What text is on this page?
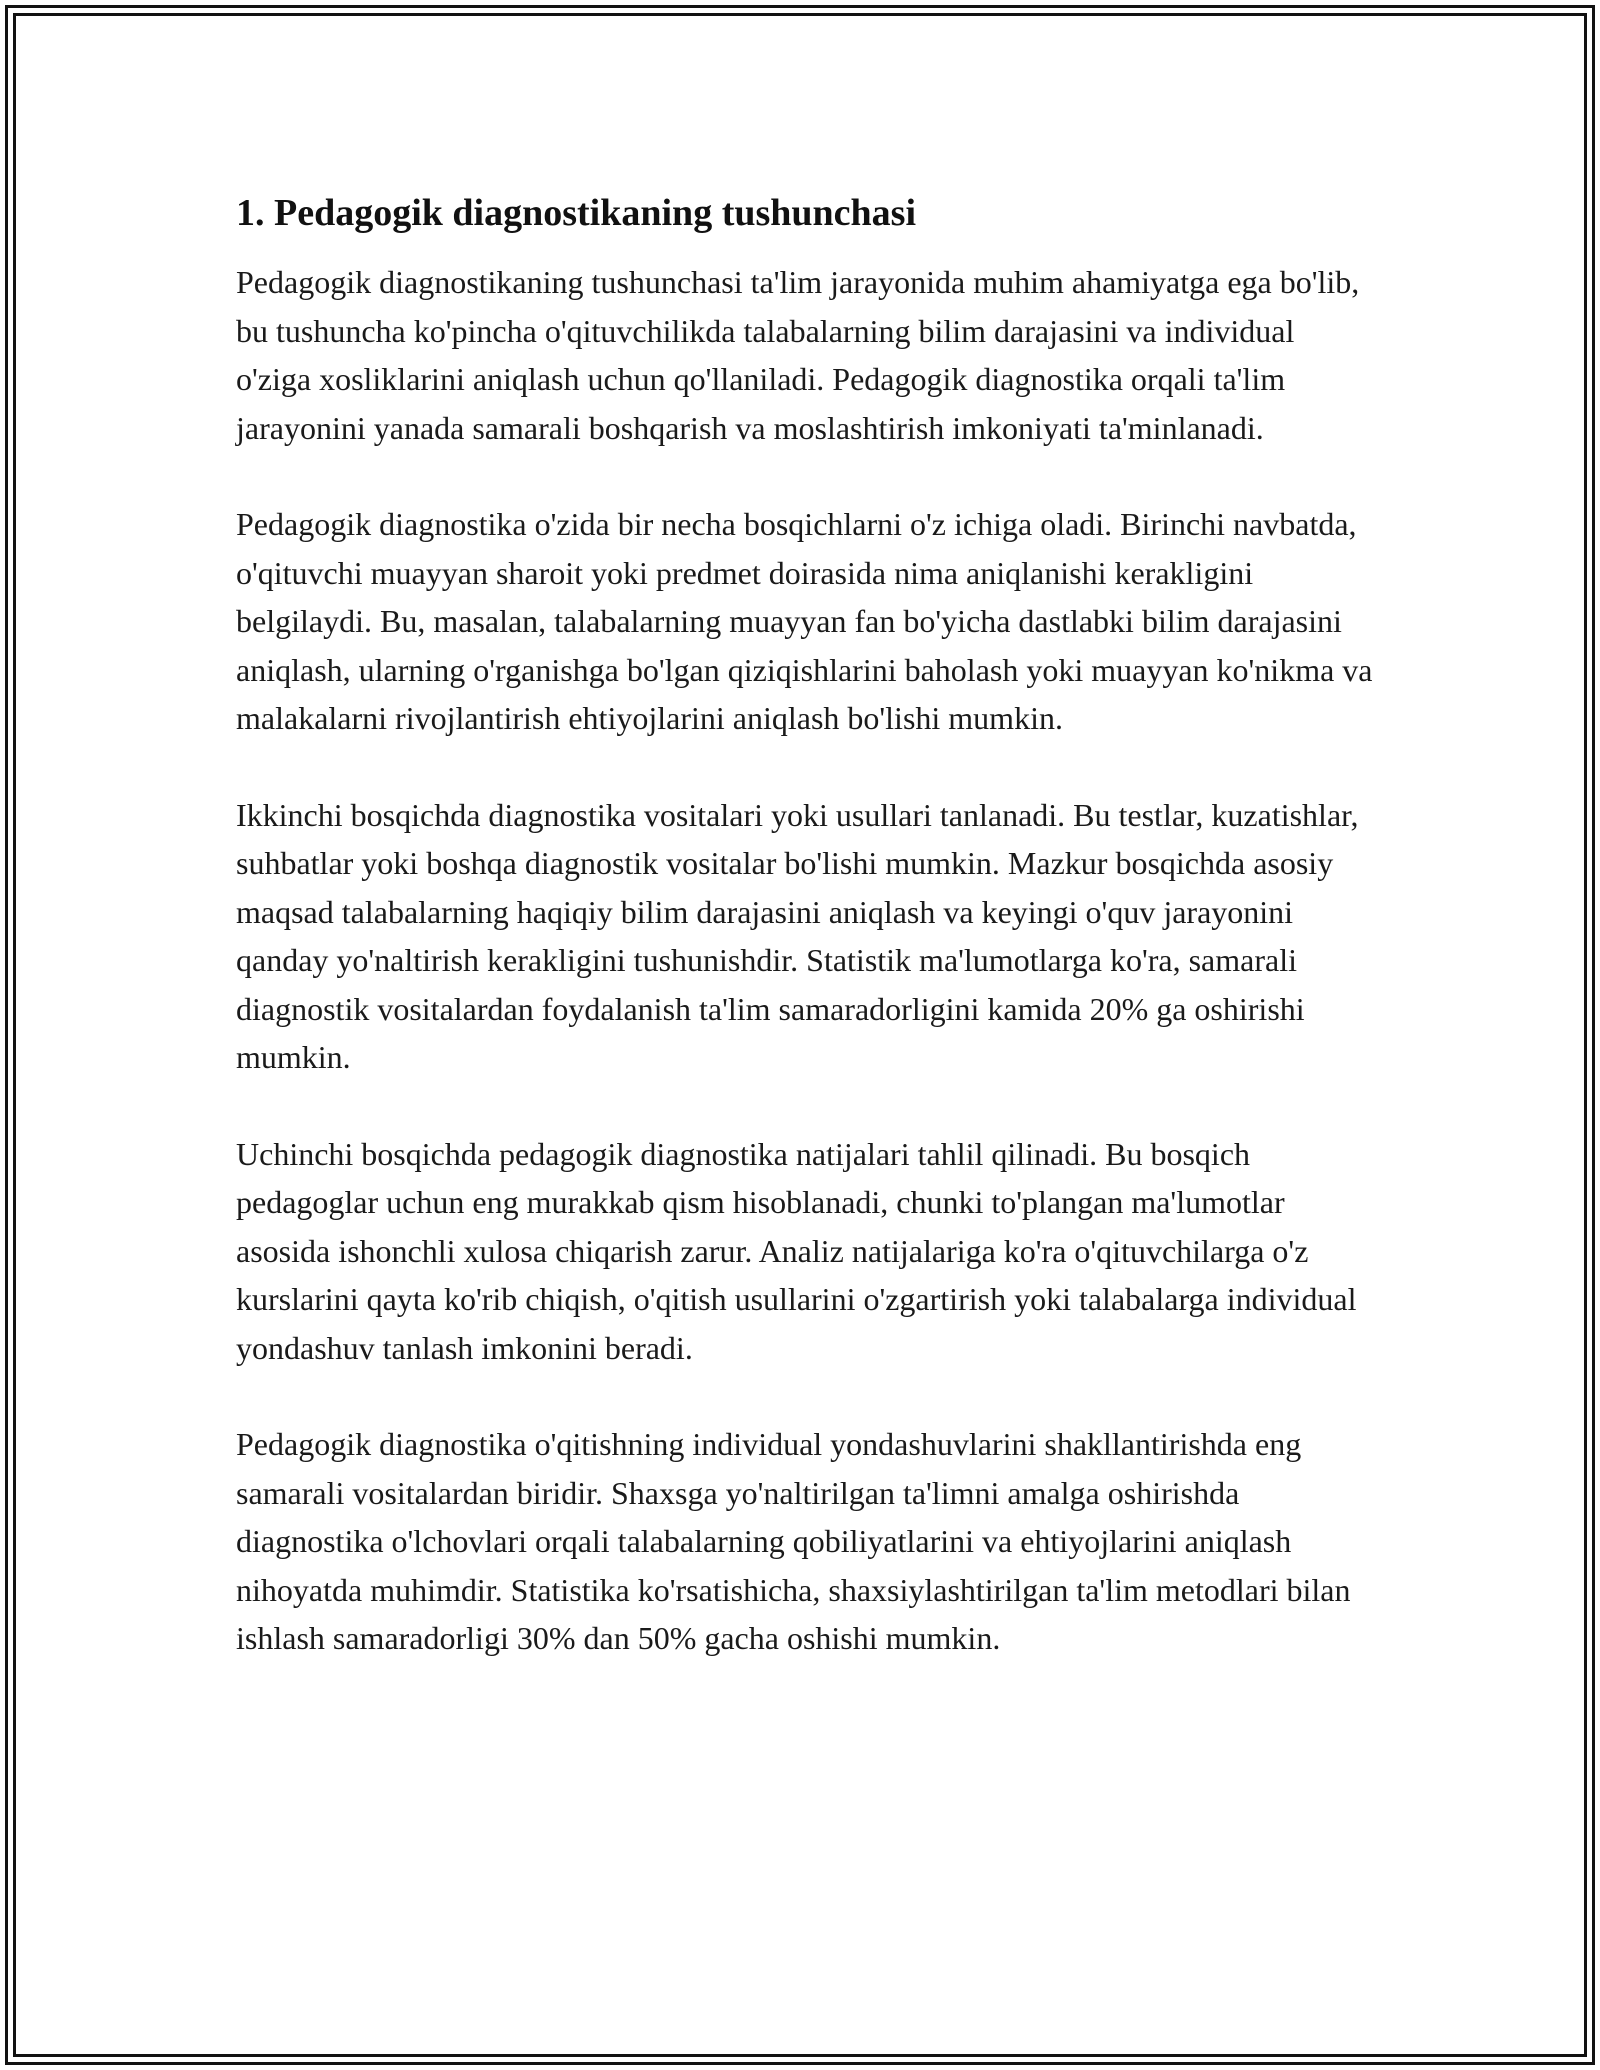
1. Pedagogik diagnostikaning tushunchasi

Pedagogik diagnostikaning tushunchasi ta'lim jarayonida muhim ahamiyatga ega bo'lib, bu tushuncha ko'pincha o'qituvchilikda talabalarning bilim darajasini va individual o'ziga xosliklarini aniqlash uchun qo'llaniladi. Pedagogik diagnostika orqali ta'lim jarayonini yanada samarali boshqarish va moslashtirish imkoniyati ta'minlanadi.

Pedagogik diagnostika o'zida bir necha bosqichlarni o'z ichiga oladi. Birinchi navbatda, o'qituvchi muayyan sharoit yoki predmet doirasida nima aniqlanishi kerakligini belgilaydi. Bu, masalan, talabalarning muayyan fan bo'yicha dastlabki bilim darajasini aniqlash, ularning o'rganishga bo'lgan qiziqishlarini baholash yoki muayyan ko'nikma va malakalarni rivojlantirish ehtiyojlarini aniqlash bo'lishi mumkin.

Ikkinchi bosqichda diagnostika vositalari yoki usullari tanlanadi. Bu testlar, kuzatishlar, suhbatlar yoki boshqa diagnostik vositalar bo'lishi mumkin. Mazkur bosqichda asosiy maqsad talabalarning haqiqiy bilim darajasini aniqlash va keyingi o'quv jarayonini qanday yo'naltirish kerakligini tushunishdir. Statistik ma'lumotlarga ko'ra, samarali diagnostik vositalardan foydalanish ta'lim samaradorligini kamida 20% ga oshirishi mumkin.

Uchinchi bosqichda pedagogik diagnostika natijalari tahlil qilinadi. Bu bosqich pedagoglar uchun eng murakkab qism hisoblanadi, chunki to'plangan ma'lumotlar asosida ishonchli xulosa chiqarish zarur. Analiz natijalariga ko'ra o'qituvchilarga o'z kurslarini qayta ko'rib chiqish, o'qitish usullarini o'zgartirish yoki talabalarga individual yondashuv tanlash imkonini beradi.

Pedagogik diagnostika o'qitishning individual yondashuvlarini shakllantirishda eng samarali vositalardan biridir. Shaxsga yo'naltirilgan ta'limni amalga oshirishda diagnostika o'lchovlari orqali talabalarning qobiliyatlarini va ehtiyojlarini aniqlash nihoyatda muhimdir. Statistika ko'rsatishicha, shaxsiylashtirilgan ta'lim metodlari bilan ishlash samaradorligi 30% dan 50% gacha oshishi mumkin.
